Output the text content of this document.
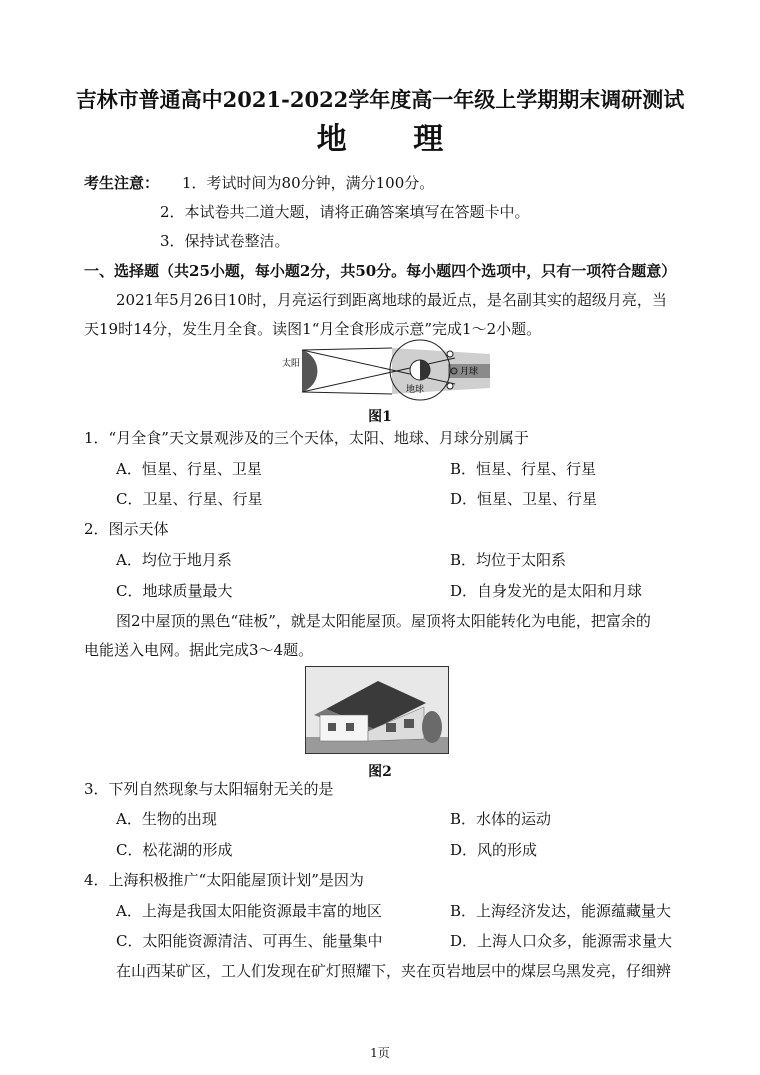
吉林市普通高中2021-2022学年度高一年级上学期期末调研测试
地 理
考生注意： 1．考试时间为80分钟，满分100分。
2．本试卷共二道大题，请将正确答案填写在答题卡中。
3．保持试卷整洁。
一、选择题（共25小题，每小题2分，共50分。每小题四个选项中，只有一项符合题意）
2021年5月26日10时，月亮运行到距离地球的最近点，是名副其实的超级月亮，当
天19时14分，发生月全食。读图1“月全食形成示意”完成1～2小题。
太阳
地球
月球
图1
1．“月全食”天文景观涉及的三个天体，太阳、地球、月球分别属于
A．恒星、行星、卫星	B．恒星、行星、行星
C．卫星、行星、行星	D．恒星、卫星、行星
2．图示天体
A．均位于地月系	B．均位于太阳系
C．地球质量最大	D．自身发光的是太阳和月球
图2中屋顶的黑色“硅板”，就是太阳能屋顶。屋顶将太阳能转化为电能，把富余的
电能送入电网。据此完成3～4题。
图2
3．下列自然现象与太阳辐射无关的是
A．生物的出现	B．水体的运动
C．松花湖的形成	D．风的形成
4．上海积极推广“太阳能屋顶计划”是因为
A．上海是我国太阳能资源最丰富的地区	B．上海经济发达，能源蕴藏量大
C．太阳能资源清洁、可再生、能量集中	D．上海人口众多，能源需求量大
在山西某矿区，工人们发现在矿灯照耀下，夹在页岩地层中的煤层乌黑发亮，仔细辨
1页
